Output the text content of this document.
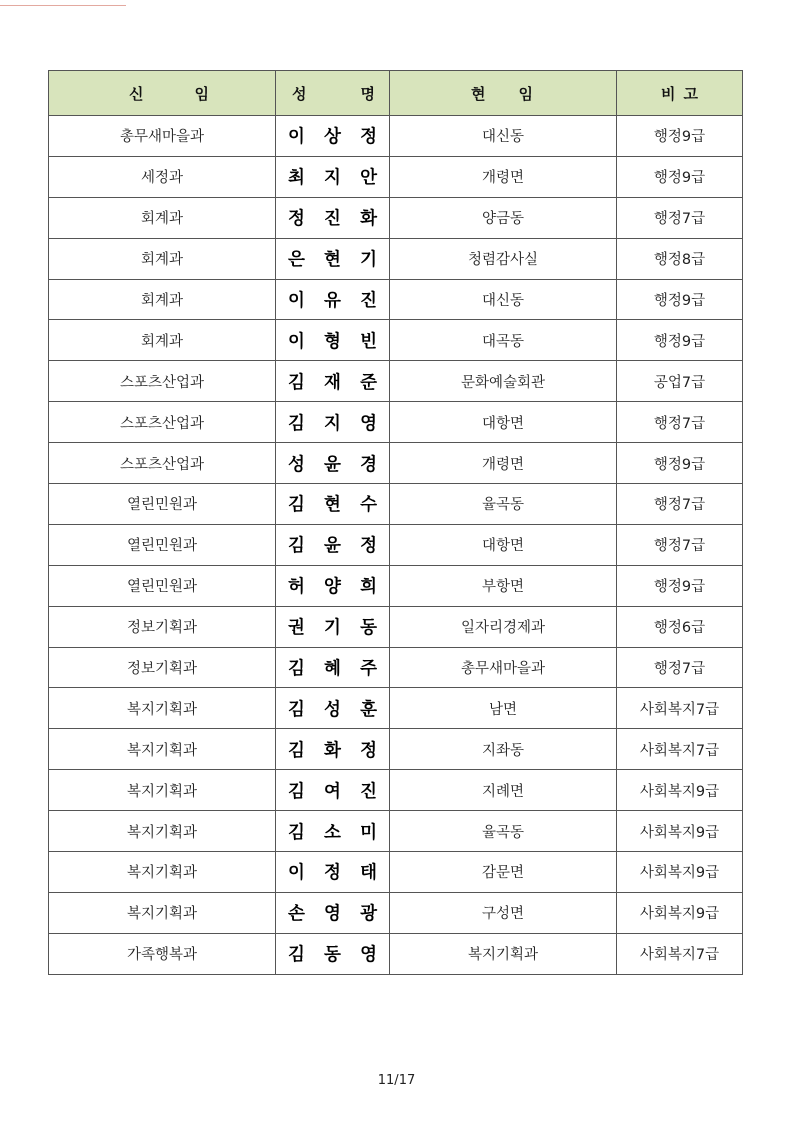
신 임	성 명	현 임	비 고

총무새마을과	이 상 정	대신동	행정9급
세정과	최 지 안	개령면	행정9급
회계과	정 진 화	양금동	행정7급
회계과	은 현 기	청렴감사실	행정8급
회계과	이 유 진	대신동	행정9급
회계과	이 형 빈	대곡동	행정9급
스포츠산업과	김 재 준	문화예술회관	공업7급
스포츠산업과	김 지 영	대항면	행정7급
스포츠산업과	성 윤 경	개령면	행정9급
열린민원과	김 현 수	율곡동	행정7급
열린민원과	김 윤 정	대항면	행정7급
열린민원과	허 양 희	부항면	행정9급
정보기획과	권 기 동	일자리경제과	행정6급
정보기획과	김 혜 주	총무새마을과	행정7급
복지기획과	김 성 훈	남면	사회복지7급
복지기획과	김 화 정	지좌동	사회복지7급
복지기획과	김 여 진	지례면	사회복지9급
복지기획과	김 소 미	율곡동	사회복지9급
복지기획과	이 정 태	감문면	사회복지9급
복지기획과	손 영 광	구성면	사회복지9급
가족행복과	김 동 영	복지기획과	사회복지7급
11/17
